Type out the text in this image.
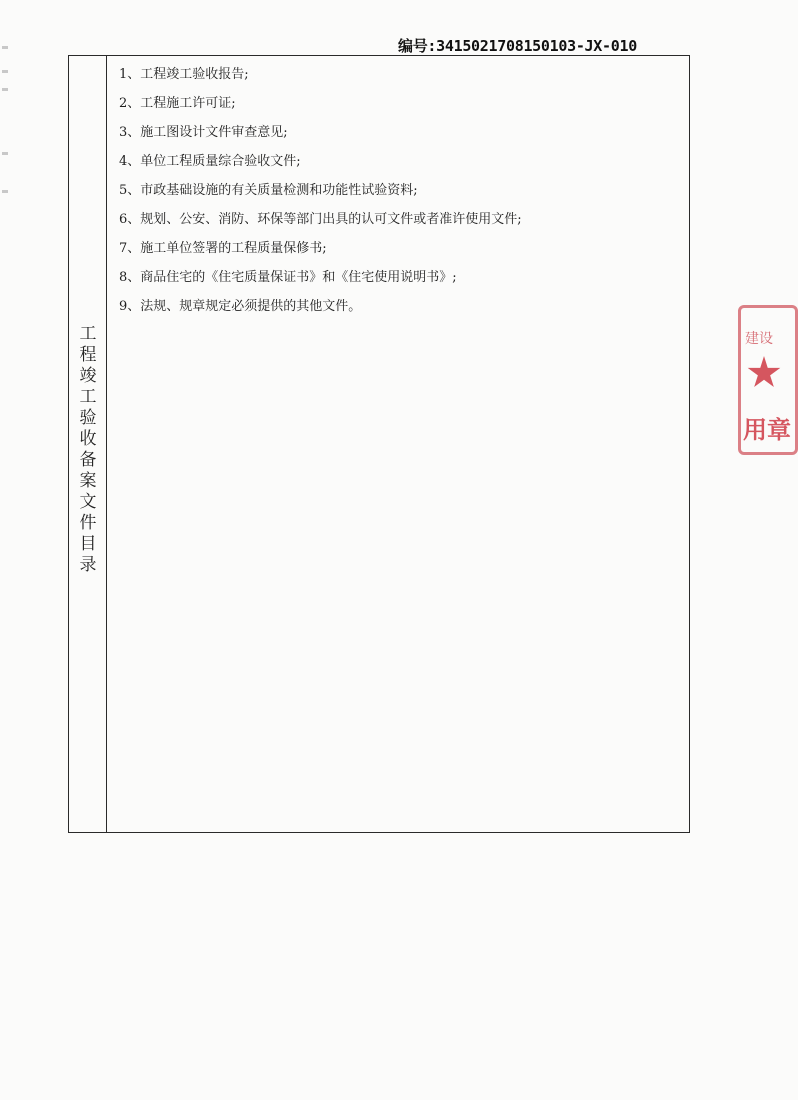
编号:3415021708150103-JX-010
工
程
竣
工
验
收
备
案
文
件
目
录
1、工程竣工验收报告;
2、工程施工许可证;
3、施工图设计文件审查意见;
4、单位工程质量综合验收文件;
5、市政基础设施的有关质量检测和功能性试验资料;
6、规划、公安、消防、环保等部门出具的认可文件或者准许使用文件;
7、施工单位签署的工程质量保修书;
8、商品住宅的《住宅质量保证书》和《住宅使用说明书》;
9、法规、规章规定必须提供的其他文件。
建设
用章
